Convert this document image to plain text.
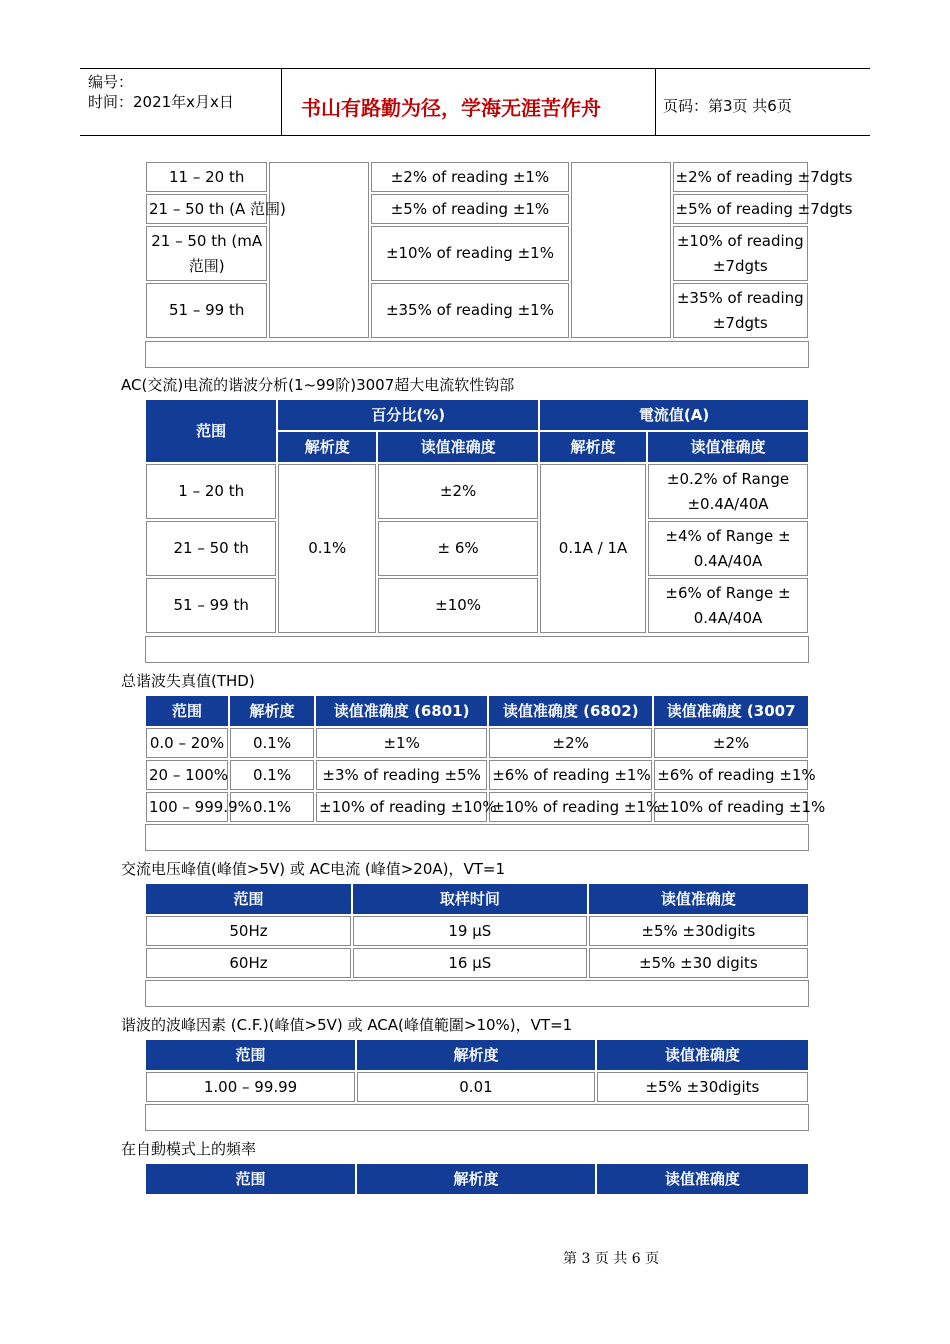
编号：
时间：2021年x月x日	书山有路勤为径，学海无涯苦作舟	页码：第3页 共6页
11 – 20 th		±2% of reading ±1%		±2% of reading ±7dgts
21 – 50 th (A 范围)		±5% of reading ±1%		±5% of reading ±7dgts
21 – 50 th (mA 范围)		±10% of reading ±1%		±10% of reading ±7dgts
51 – 99 th		±35% of reading ±1%		±35% of reading ±7dgts
AC(交流)电流的谐波分析(1~99阶)3007超大电流软性钩部
范围	百分比(%)		電流值(A)	
	解析度	读值准确度	解析度	读值准确度
1 – 20 th	0.1%	±2%	0.1A / 1A	±0.2% of Range ±0.4A/40A
21 – 50 th		± 6%		±4% of Range ± 0.4A/40A
51 – 99 th		±10%		±6% of Range ± 0.4A/40A
总谐波失真值(THD)
范围	解析度	读值准确度 (6801)	读值准确度 (6802)	读值准确度 (3007
0.0 – 20%	0.1%	±1%	±2%	±2%
20 – 100%	0.1%	±3% of reading ±5%	±6% of reading ±1%	±6% of reading ±1%
100 – 999.9%	0.1%	±10% of reading ±10%	±10% of reading ±1%	±10% of reading ±1%
交流电压峰值(峰值>5V) 或 AC电流 (峰值>20A)，VT=1
范围	取样时间	读值准确度
50Hz	19 µS	±5% ±30digits
60Hz	16 µS	±5% ±30 digits
谐波的波峰因素 (C.F.)(峰值>5V) 或 ACA(峰值範圍>10%)，VT=1
范围	解析度	读值准确度
1.00 – 99.99	0.01	±5% ±30digits
在自動模式上的頻率
范围	解析度	读值准确度
第 3 页 共 6 页
